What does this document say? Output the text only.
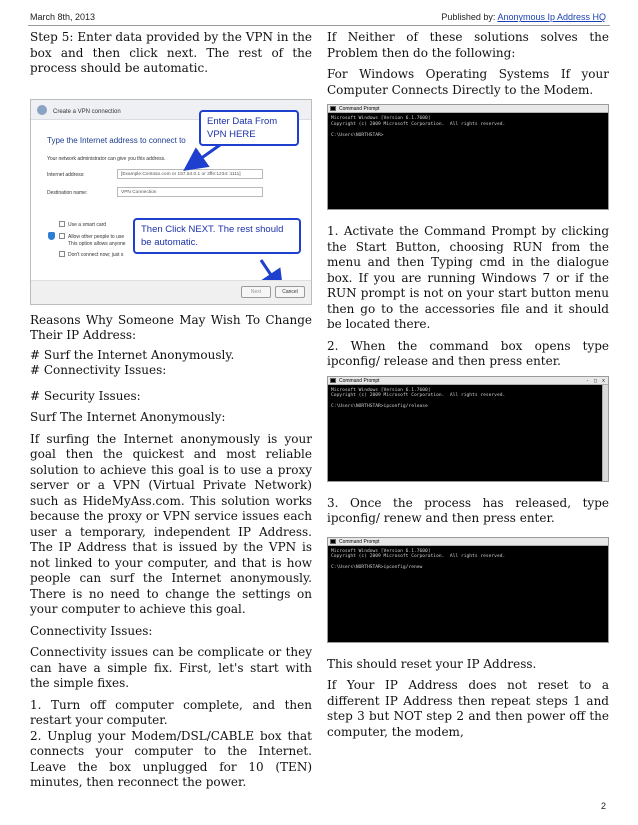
March 8th, 2013	Published by: Anonymous Ip Address HQ

Step 5: Enter data provided by the VPN in the box and then click next. The rest of the process should be automatic.

Create a VPN connection
Type the Internet address to connect to
Your network administrator can give you this address.
Internet address:	[Example:Contoso.com or 157.54.0.1 or 3ffe:1234::1111]
Destination name:	VPN Connection
Use a smart card
Allow other people to use
This option allows anyone
Don't connect now; just s
Enter Data From VPN HERE
Then Click NEXT. The rest should be automatic.
Next	Cancel

Reasons Why Someone May Wish To Change Their IP Address:

# Surf the Internet Anonymously.

# Connectivity Issues:

# Security Issues:

Surf The Internet Anonymously:

If surfing the Internet anonymously is your goal then the quickest and most reliable solution to achieve this goal is to use a proxy server or a VPN (Virtual Private Network) such as HideMyAss.com. This solution works because the proxy or VPN service issues each user a temporary, independent IP Address. The IP Address that is issued by the VPN is not linked to your computer, and that is how people can surf the Internet anonymously. There is no need to change the settings on your computer to achieve this goal.

Connectivity Issues:

Connectivity issues can be complicate or they can have a simple fix. First, let's start with the simple fixes.

1. Turn off computer complete, and then restart your computer.

2. Unplug your Modem/DSL/CABLE box that connects your computer to the Internet. Leave the box unplugged for 10 (TEN) minutes, then reconnect the power.

If Neither of these solutions solves the Problem then do the following:

For Windows Operating Systems If your Computer Connects Directly to the Modem.

Command Prompt
Microsoft Windows [Version 6.1.7600]
Copyright (c) 2009 Microsoft Corporation.  All rights reserved.

C:\Users\NORTHSTAR>

1. Activate the Command Prompt by clicking the Start Button, choosing RUN from the menu and then Typing cmd in the dialogue box. If you are running Windows 7 or if the RUN prompt is not on your start button menu then go to the accessories file and it should be located there.

2. When the command box opens type ipconfig/ release and then press enter.

Command Prompt	- □ x
Microsoft Windows [Version 6.1.7600]
Copyright (c) 2009 Microsoft Corporation.  All rights reserved.

C:\Users\NORTHSTAR>ipconfig/release

3. Once the process has released, type ipconfig/ renew and then press enter.

Command Prompt
Microsoft Windows [Version 6.1.7600]
Copyright (c) 2009 Microsoft Corporation.  All rights reserved.

C:\Users\NORTHSTAR>ipconfig/renew

This should reset your IP Address.

If Your IP Address does not reset to a different IP Address then repeat steps 1 and step 3 but NOT step 2 and then power off the computer, the modem,

2
